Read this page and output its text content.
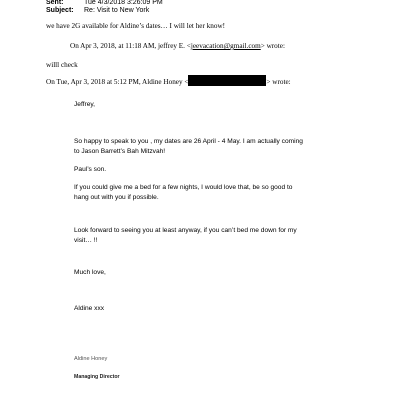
Sent:	Tue 4/3/2018 3:26:09 PM
Subject: Re: Visit to New York
we have 2G available for Aldine’s dates… I will let her know!
On Apr 3, 2018, at 11:18 AM, jeffrey E. <jeevacation@gmail.com> wrote:
willl check
On Tue, Apr 3, 2018 at 5:12 PM, Aldine Honey <	> wrote:
Jeffrey,
So happy to speak to you , my dates are 26 April - 4 May. I am actually coming
to Jason Barrett’s Bah Mitzvah!
Paul’s son.
If you could give me a bed for a few nights, I would love that, be so good to
hang out with you if possible.
Look forward to seeing you at least anyway, if you can’t bed me down for my
visit… !!
Much love,
Aldine xxx
Aldine Honey
Managing Director
